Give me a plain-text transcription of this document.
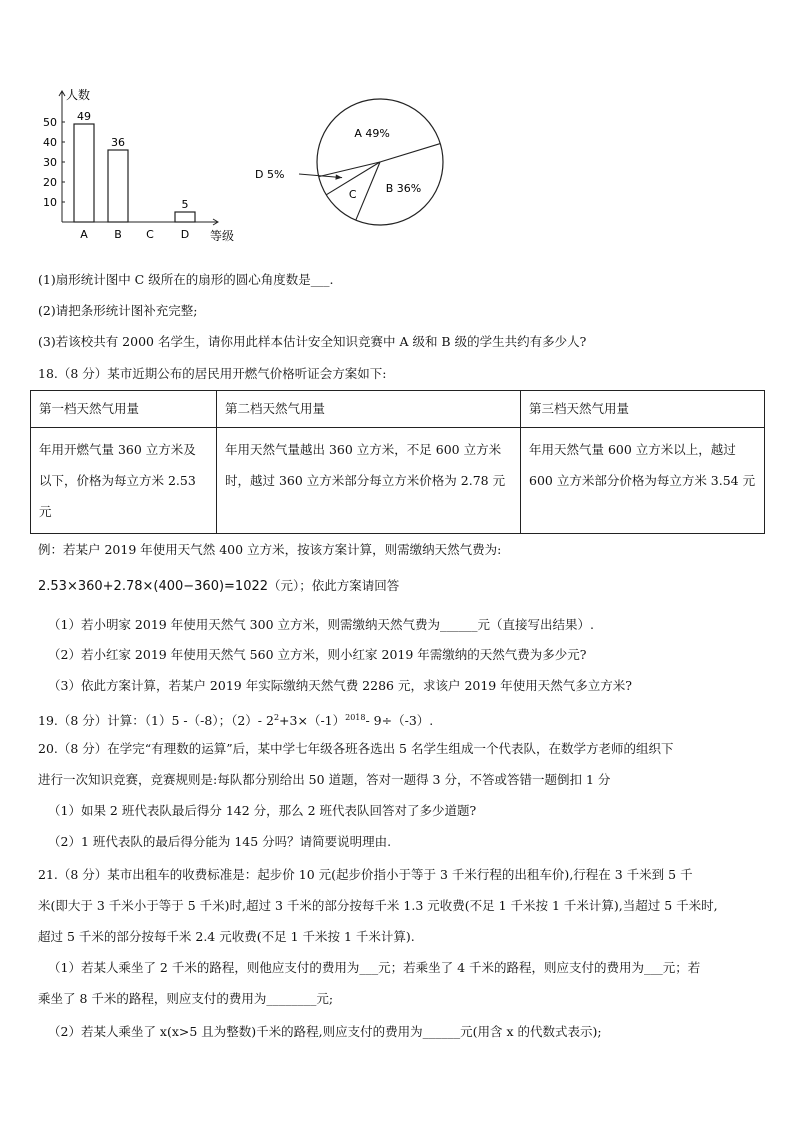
人数
等级
50
40
30
20
10
49
A
36
B C
5
D
A 49%
B 36%
C
D 5%
(1)扇形统计图中 C 级所在的扇形的圆心角度数是___.
(2)请把条形统计图补充完整;
(3)若该校共有 2000 名学生，请你用此样本估计安全知识竞赛中 A 级和 B 级的学生共约有多少人?
18.（8 分）某市近期公布的居民用开燃气价格听证会方案如下:
第一档天然气用量	第二档天然气用量	第三档天然气用量
年用开燃气量 360 立方米及以下，价格为每立方米 2.53 元	年用天然气量越出 360 立方米，不足 600 立方米时，越过 360 立方米部分每立方米价格为 2.78 元	年用天然气量 600 立方米以上，越过 600 立方米部分价格为每立方米 3.54 元
例：若某户 2019 年使用天气然 400 立方米，按该方案计算，则需缴纳天然气费为:
2.53×360+2.78×(400−360)=1022（元）；依此方案请回答
（1）若小明家 2019 年使用天然气 300 立方米，则需缴纳天然气费为______元（直接写出结果）.
（2）若小红家 2019 年使用天然气 560 立方米，则小红家 2019 年需缴纳的天然气费为多少元?
（3）依此方案计算，若某户 2019 年实际缴纳天然气费 2286 元，求该户 2019 年使用天然气多立方米?
19.（8 分）计算：（1）5 -（-8）；（2）- $2^2+3\times(-1)^{2018}-$ 9÷（-3）.
20.（8 分）在学完“有理数的运算”后，某中学七年级各班各选出 5 名学生组成一个代表队，在数学方老师的组织下
进行一次知识竞赛，竞赛规则是:每队都分别给出 50 道题，答对一题得 3 分，不答或答错一题倒扣 1 分
（1）如果 2 班代表队最后得分 142 分，那么 2 班代表队回答对了多少道题?
（2）1 班代表队的最后得分能为 145 分吗？请简要说明理由.
21.（8 分）某市出租车的收费标准是：起步价 10 元(起步价指小于等于 3 千米行程的出租车价),行程在 3 千米到 5 千
米(即大于 3 千米小于等于 5 千米)时,超过 3 千米的部分按每千米 1.3 元收费(不足 1 千米按 1 千米计算),当超过 5 千米时,
超过 5 千米的部分按每千米 2.4 元收费(不足 1 千米按 1 千米计算).
（1）若某人乘坐了 2 千米的路程，则他应支付的费用为___元；若乘坐了 4 千米的路程，则应支付的费用为___元；若
乘坐了 8 千米的路程，则应支付的费用为________元;
（2）若某人乘坐了 x(x>5 且为整数)千米的路程,则应支付的费用为______元(用含 x 的代数式表示);
